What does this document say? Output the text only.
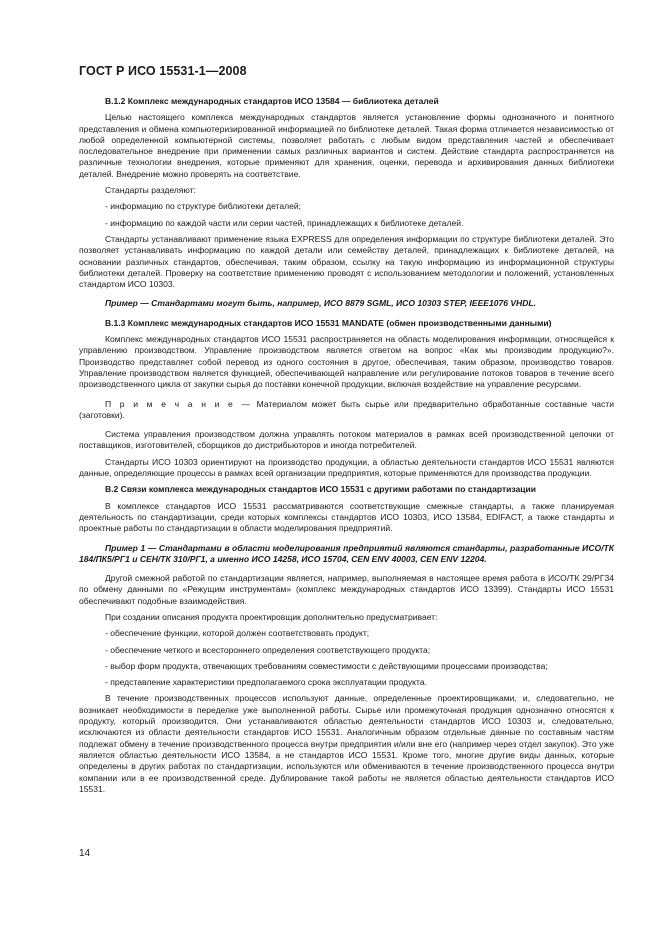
ГОСТ Р ИСО 15531-1—2008

В.1.2 Комплекс международных стандартов ИСО 13584 — библиотека деталей

Целью настоящего комплекса международных стандартов является установление формы однозначного и понятного представления и обмена компьютеризированной информацией по библиотеке деталей. Такая форма отличается независимостью от любой определенной компьютерной системы, позволяет работать с любым видом представления частей и обеспечивает последовательное внедрение при применении самых различных вариантов и систем. Действие стандарта распространяется на различные технологии внедрения, которые применяют для хранения, оценки, перевода и архивирования данных библиотеки деталей. Внедрение можно проверять на соответствие.

Стандарты разделяют:

- информацию по структуре библиотеки деталей;

- информацию по каждой части или серии частей, принадлежащих к библиотеке деталей.

Стандарты устанавливают применение языка EXPRESS для определения информации по структуре библиотеки деталей. Это позволяет устанавливать информацию по каждой детали или семейству деталей, принадлежащих к библиотеке деталей, на основании различных стандартов, обеспечивая, таким образом, ссылку на такую информацию из информационной структуры библиотеки деталей. Проверку на соответствие применению проводят с использованием методологии и положений, установленных стандартом ИСО 10303.

Пример — Стандартами могут быть, например, ИСО 8879 SGML, ИСО 10303 STEP, IEEE1076 VHDL.

В.1.3 Комплекс международных стандартов ИСО 15531 MANDATE (обмен производственными данными)

Комплекс международных стандартов ИСО 15531 распространяется на область моделирования информации, относящейся к управлению производством. Управление производством является ответом на вопрос «Как мы производим продукцию?». Производство представляет собой перевод из одного состояния в другое, обеспечивая, таким образом, производство товаров. Управление производством является функцией, обеспечивающей направление или регулирование потоков товаров в течение всего производственного цикла от закупки сырья до поставки конечной продукции, включая воздействие на управление ресурсами.

П р и м е ч а н и е — Материалом может быть сырье или предварительно обработанные составные части (заготовки).

Система управления производством должна управлять потоком материалов в рамках всей производственной цепочки от поставщиков, изготовителей, сборщиков до дистрибьюторов и иногда потребителей.

Стандарты ИСО 10303 ориентируют на производство продукции, а областью деятельности стандартов ИСО 15531 являются данные, определяющие процессы в рамках всей организации предприятия, которые применяются для производства продукции.

В.2 Связи комплекса международных стандартов ИСО 15531 с другими работами по стандартизации

В комплексе стандартов ИСО 15531 рассматриваются соответствующие смежные стандарты, а также планируемая деятельность по стандартизации, среди которых комплексы стандартов ИСО 10303, ИСО 13584, EDIFACT, а также стандарты и проектные работы по стандартизации в области моделирования предприятий.

Пример 1 — Стандартами в области моделирования предприятий являются стандарты, разработанные ИСО/ТК 184/ПК5/РГ1 и СЕН/ТК 310/РГ1, а именно ИСО 14258, ИСО 15704, CEN ENV 40003, CEN ENV 12204.

Другой смежной работой по стандартизации является, например, выполняемая в настоящее время работа в ИСО/ТК 29/РГ34 по обмену данными по «Режущим инструментам» (комплекс международных стандартов ИСО 13399). Стандарты ИСО 15531 обеспечивают подобные взаимодействия.

При создании описания продукта проектировщик дополнительно предусматривает:

- обеспечение функции, которой должен соответствовать продукт;

- обеспечение четкого и всестороннего определения соответствующего продукта;

- выбор форм продукта, отвечающих требованиям совместимости с действующими процессами производства;

- представление характеристики предполагаемого срока эксплуатации продукта.

В течение производственных процессов используют данные, определенные проектировщиками, и, следовательно, не возникает необходимости в переделке уже выполненной работы. Сырье или промежуточная продукция однозначно относятся к продукту, который производится. Они устанавливаются областью деятельности стандартов ИСО 10303 и, следовательно, исключаются из области деятельности стандартов ИСО 15531. Аналогичным образом отдельные данные по составным частям подлежат обмену в течение производственного процесса внутри предприятия и/или вне его (например через отдел закупок). Это уже является областью деятельности ИСО 13584, а не стандартов ИСО 15531. Кроме того, многие другие виды данных, которые определены в других работах по стандартизации, используются или обмениваются в течение производственного процесса внутри компании или в ее производственной среде. Дублирование такой работы не является областью деятельности стандартов ИСО 15531.

14
